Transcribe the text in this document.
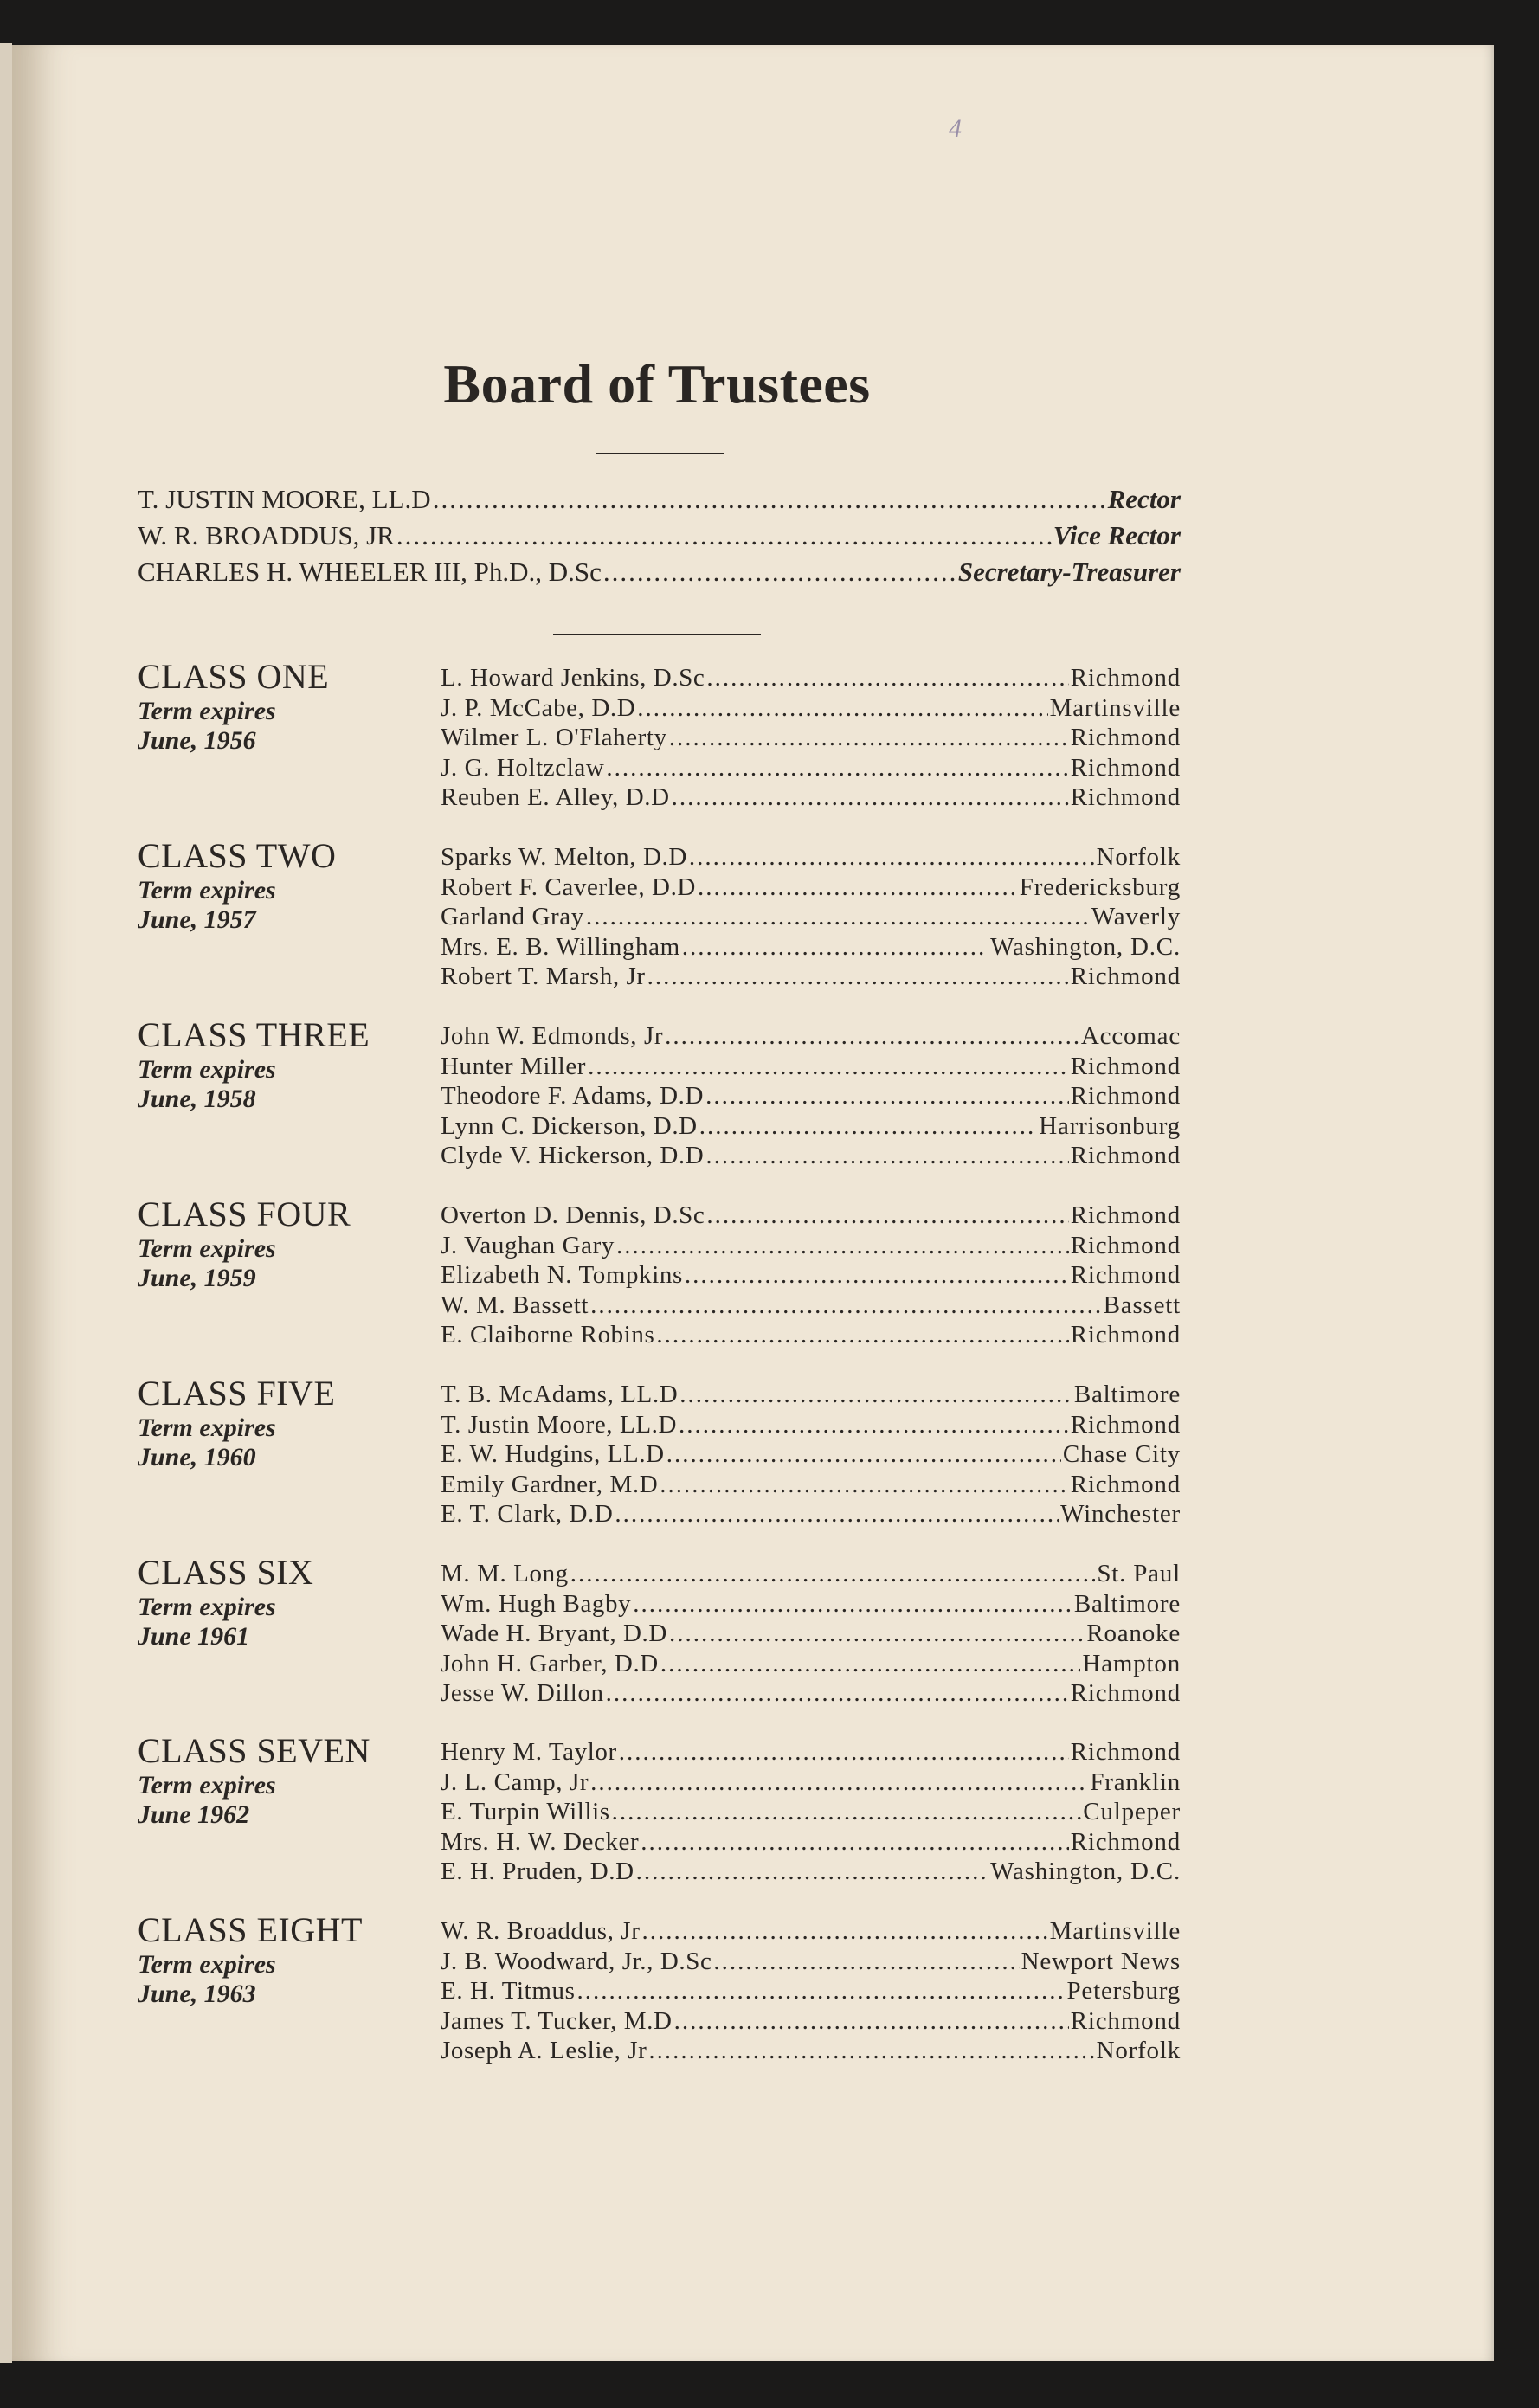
4
Board of Trustees
T. JUSTIN MOORE, LL.D .....	Rector
W. R. BROADDUS, JR .....	Vice Rector
CHARLES H. WHEELER III, Ph.D., D.Sc .....	Secretary-Treasurer
CLASS ONE
Term expires
June, 1956
L. Howard Jenkins, D.Sc .....	Richmond
J. P. McCabe, D.D .....	Martinsville
Wilmer L. O'Flaherty .....	Richmond
J. G. Holtzclaw .....	Richmond
Reuben E. Alley, D.D .....	Richmond
CLASS TWO
Term expires
June, 1957
Sparks W. Melton, D.D .....	Norfolk
Robert F. Caverlee, D.D .....	Fredericksburg
Garland Gray .....	Waverly
Mrs. E. B. Willingham .....	Washington, D.C.
Robert T. Marsh, Jr .....	Richmond
CLASS THREE
Term expires
June, 1958
John W. Edmonds, Jr .....	Accomac
Hunter Miller .....	Richmond
Theodore F. Adams, D.D .....	Richmond
Lynn C. Dickerson, D.D .....	Harrisonburg
Clyde V. Hickerson, D.D .....	Richmond
CLASS FOUR
Term expires
June, 1959
Overton D. Dennis, D.Sc .....	Richmond
J. Vaughan Gary .....	Richmond
Elizabeth N. Tompkins .....	Richmond
W. M. Bassett .....	Bassett
E. Claiborne Robins .....	Richmond
CLASS FIVE
Term expires
June, 1960
T. B. McAdams, LL.D .....	Baltimore
T. Justin Moore, LL.D .....	Richmond
E. W. Hudgins, LL.D .....	Chase City
Emily Gardner, M.D .....	Richmond
E. T. Clark, D.D .....	Winchester
CLASS SIX
Term expires
June 1961
M. M. Long .....	St. Paul
Wm. Hugh Bagby .....	Baltimore
Wade H. Bryant, D.D .....	Roanoke
John H. Garber, D.D .....	Hampton
Jesse W. Dillon .....	Richmond
CLASS SEVEN
Term expires
June 1962
Henry M. Taylor .....	Richmond
J. L. Camp, Jr .....	Franklin
E. Turpin Willis .....	Culpeper
Mrs. H. W. Decker .....	Richmond
E. H. Pruden, D.D .....	Washington, D.C.
CLASS EIGHT
Term expires
June, 1963
W. R. Broaddus, Jr .....	Martinsville
J. B. Woodward, Jr., D.Sc .....	Newport News
E. H. Titmus .....	Petersburg
James T. Tucker, M.D .....	Richmond
Joseph A. Leslie, Jr .....	Norfolk
